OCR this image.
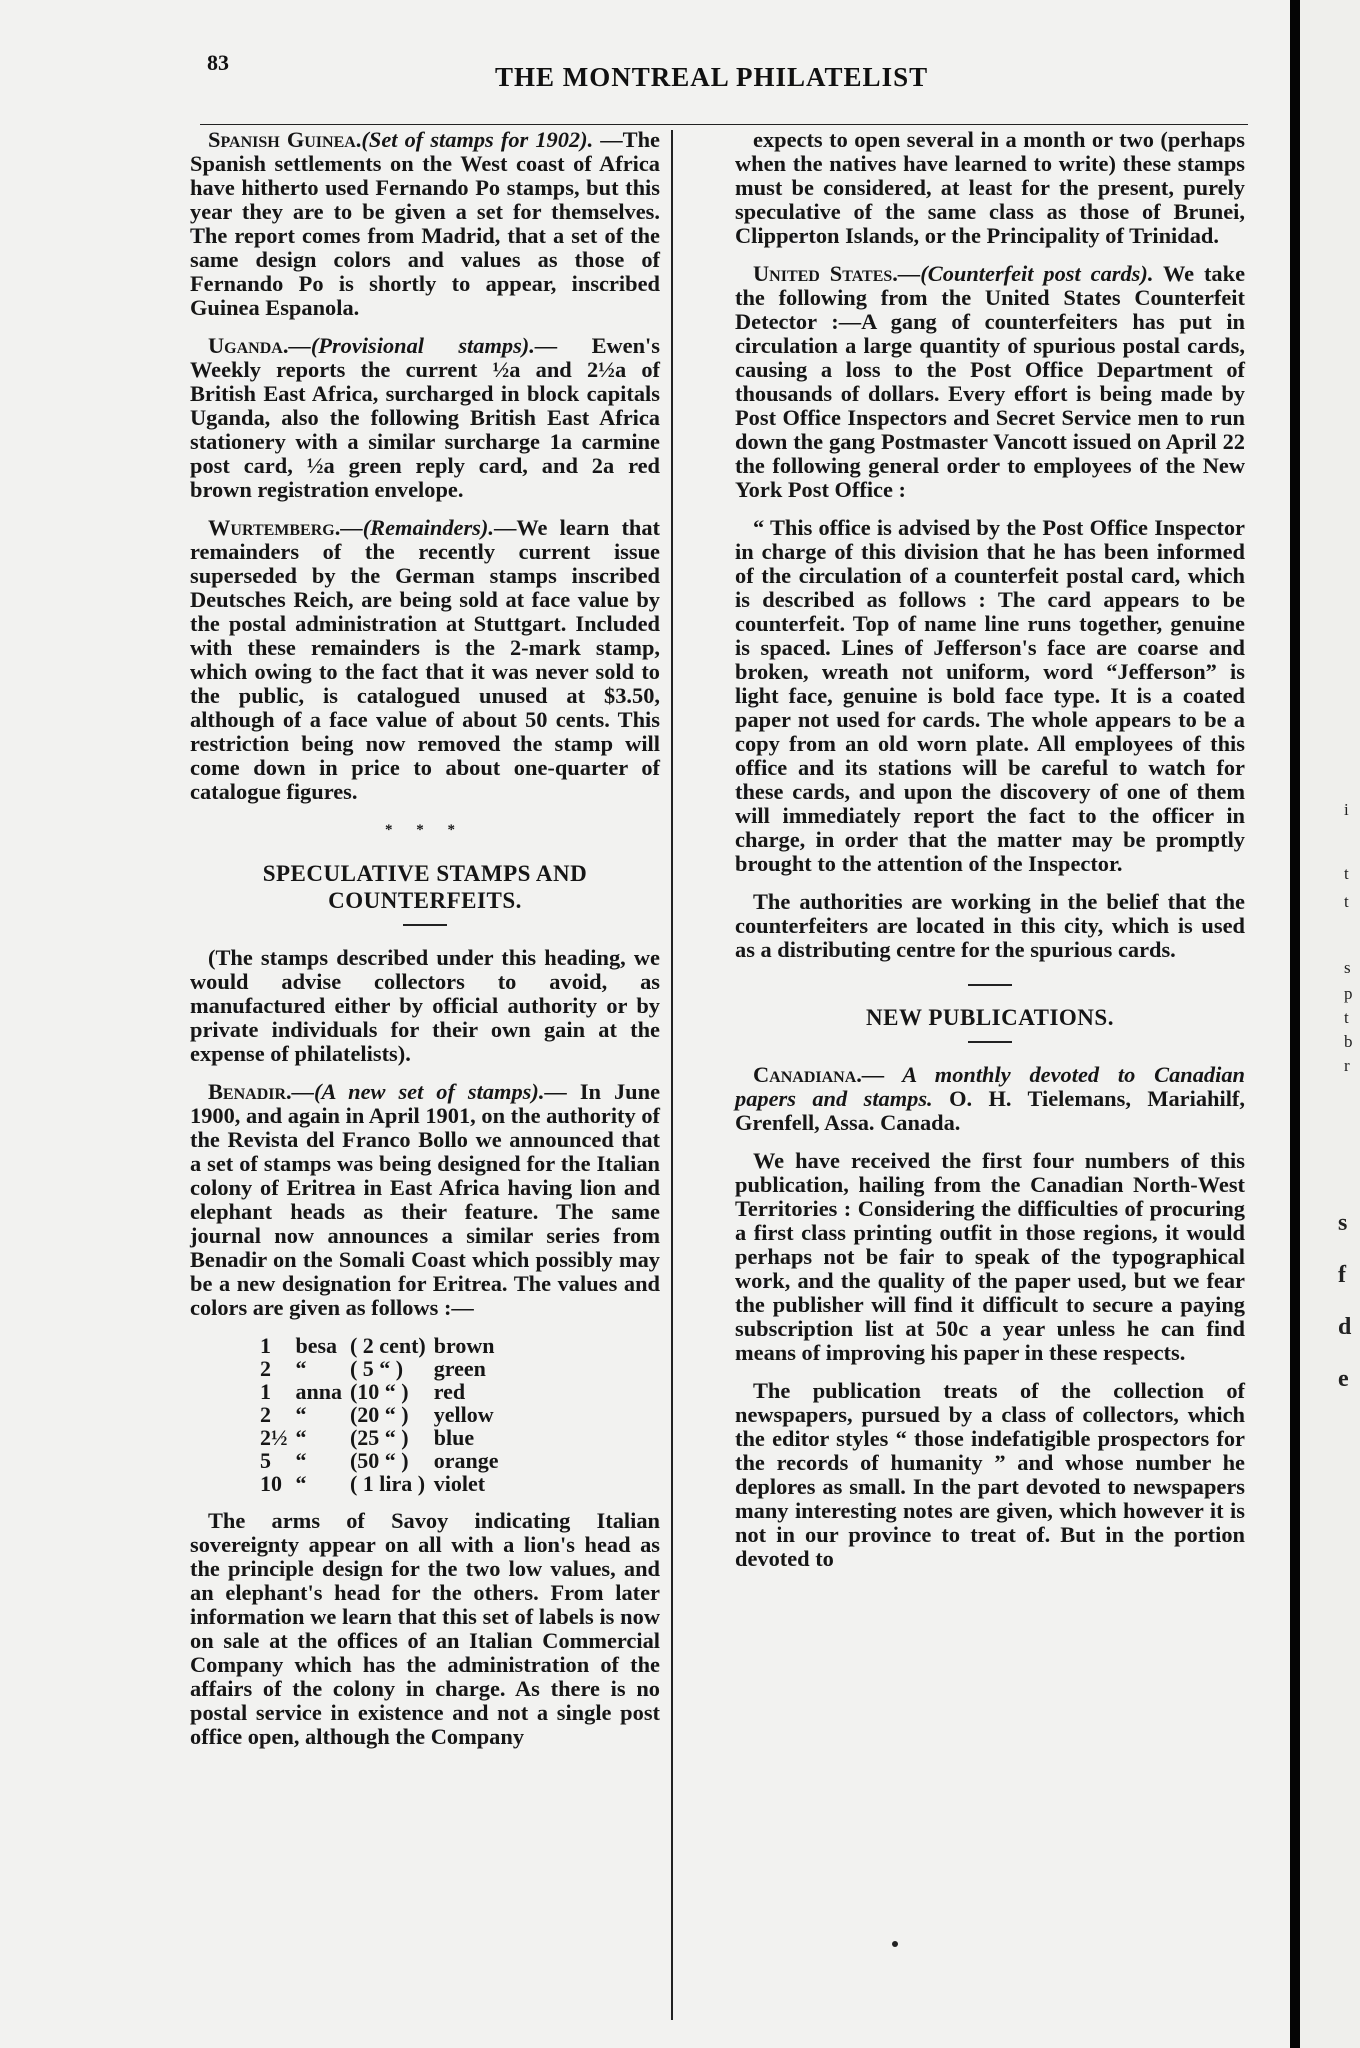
83	THE MONTREAL PHILATELIST

Spanish Guinea.(Set of stamps for 1902). —The Spanish settlements on the West coast of Africa have hitherto used Fernando Po stamps, but this year they are to be given a set for themselves. The report comes from Madrid, that a set of the same design colors and values as those of Fernando Po is shortly to appear, inscribed Guinea Espanola.

Uganda.—(Provisional stamps).— Ewen's Weekly reports the current ½a and 2½a of British East Africa, surcharged in block capitals Uganda, also the following British East Africa stationery with a similar surcharge 1a carmine post card, ½a green reply card, and 2a red brown registration envelope.

Wurtemberg.—(Remainders).—We learn that remainders of the recently current issue superseded by the German stamps inscribed Deutsches Reich, are being sold at face value by the postal administration at Stuttgart. Included with these remainders is the 2-mark stamp, which owing to the fact that it was never sold to the public, is catalogued unused at $3.50, although of a face value of about 50 cents. This restriction being now removed the stamp will come down in price to about one-quarter of catalogue figures.

* * *
SPECULATIVE STAMPS AND COUNTERFEITS.

(The stamps described under this heading, we would advise collectors to avoid, as manufactured either by official authority or by private individuals for their own gain at the expense of philatelists).

Benadir.—(A new set of stamps).— In June 1900, and again in April 1901, on the authority of the Revista del Franco Bollo we announced that a set of stamps was being designed for the Italian colony of Eritrea in East Africa having lion and elephant heads as their feature. The same journal now announces a similar series from Benadir on the Somali Coast which possibly may be a new designation for Eritrea. The values and colors are given as follows :—

1	besa	( 2 cent)	brown
2	“	( 5 “ )	green
1	anna	(10 “ )	red
2	“	(20 “ )	yellow
2½	“	(25 “ )	blue
5	“	(50 “ )	orange
10	“	( 1 lira )	violet

The arms of Savoy indicating Italian sovereignty appear on all with a lion's head as the principle design for the two low values, and an elephant's head for the others. From later information we learn that this set of labels is now on sale at the offices of an Italian Commercial Company which has the administration of the affairs of the colony in charge. As there is no postal service in existence and not a single post office open, although the Company

expects to open several in a month or two (perhaps when the natives have learned to write) these stamps must be considered, at least for the present, purely speculative of the same class as those of Brunei, Clipperton Islands, or the Principality of Trinidad.

United States.—(Counterfeit post cards). We take the following from the United States Counterfeit Detector :—A gang of counterfeiters has put in circulation a large quantity of spurious postal cards, causing a loss to the Post Office Department of thousands of dollars. Every effort is being made by Post Office Inspectors and Secret Service men to run down the gang Postmaster Vancott issued on April 22 the following general order to employees of the New York Post Office :

“ This office is advised by the Post Office Inspector in charge of this division that he has been informed of the circulation of a counterfeit postal card, which is described as follows : The card appears to be counterfeit. Top of name line runs together, genuine is spaced. Lines of Jefferson's face are coarse and broken, wreath not uniform, word “Jefferson” is light face, genuine is bold face type. It is a coated paper not used for cards. The whole appears to be a copy from an old worn plate. All employees of this office and its stations will be careful to watch for these cards, and upon the discovery of one of them will immediately report the fact to the officer in charge, in order that the matter may be promptly brought to the attention of the Inspector.

The authorities are working in the belief that the counterfeiters are located in this city, which is used as a distributing centre for the spurious cards.

NEW PUBLICATIONS.

Canadiana.— A monthly devoted to Canadian papers and stamps. O. H. Tielemans, Mariahilf, Grenfell, Assa. Canada.

We have received the first four numbers of this publication, hailing from the Canadian North-West Territories : Considering the difficulties of procuring a first class printing outfit in those regions, it would perhaps not be fair to speak of the typographical work, and the quality of the paper used, but we fear the publisher will find it difficult to secure a paying subscription list at 50c a year unless he can find means of improving his paper in these respects.

The publication treats of the collection of newspapers, pursued by a class of collectors, which the editor styles “ those indefatigible prospectors for the records of humanity ” and whose number he deplores as small. In the part devoted to newspapers many interesting notes are given, which however it is not in our province to treat of. But in the portion devoted to

i
t
t
s
p
t
b
r
s
f
d
e
